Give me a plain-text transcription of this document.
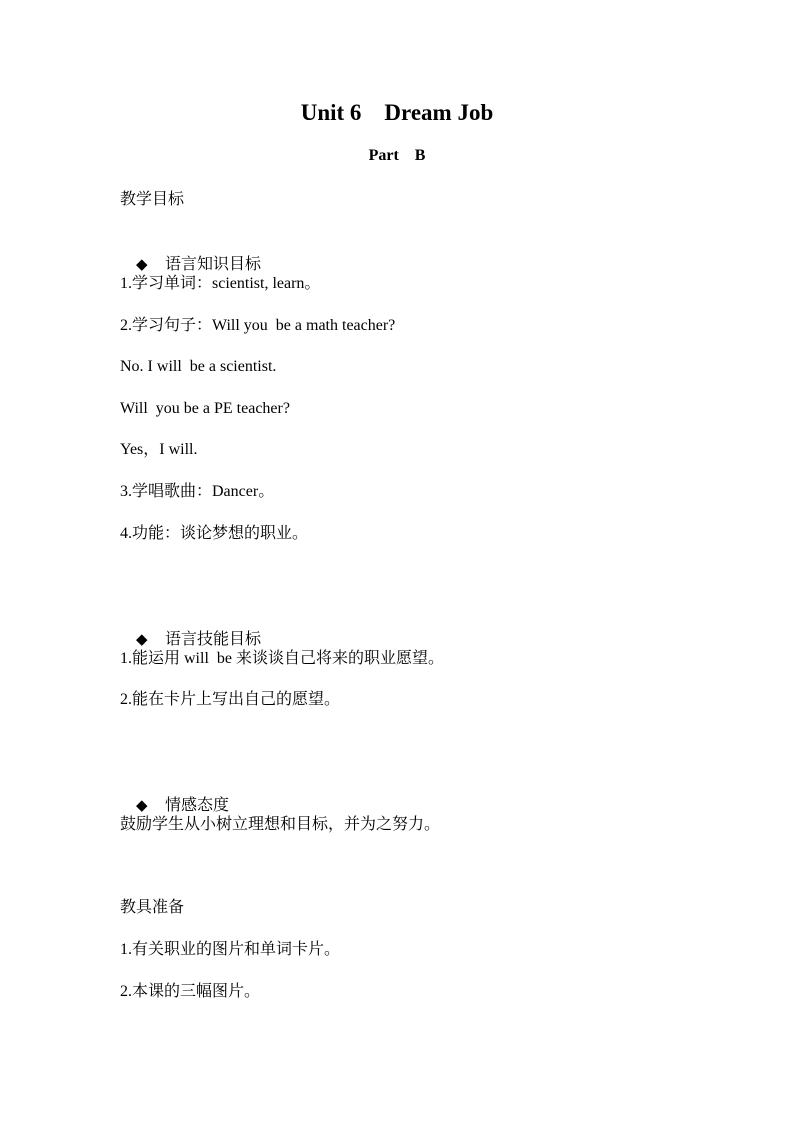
Unit 6    Dream Job
Part    B
教学目标

◆ 语言知识目标

1.学习单词：scientist, learn。
2.学习句子：Will you  be a math teacher?
No. I will  be a scientist.
Will  you be a PE teacher?
Yes，I will.
3.学唱歌曲：Dancer。
4.功能：谈论梦想的职业。

◆ 语言技能目标

1.能运用 will  be 来谈谈自己将来的职业愿望。
2.能在卡片上写出自己的愿望。

◆ 情感态度

鼓励学生从小树立理想和目标，并为之努力。
教具准备
1.有关职业的图片和单词卡片。
2.本课的三幅图片。
